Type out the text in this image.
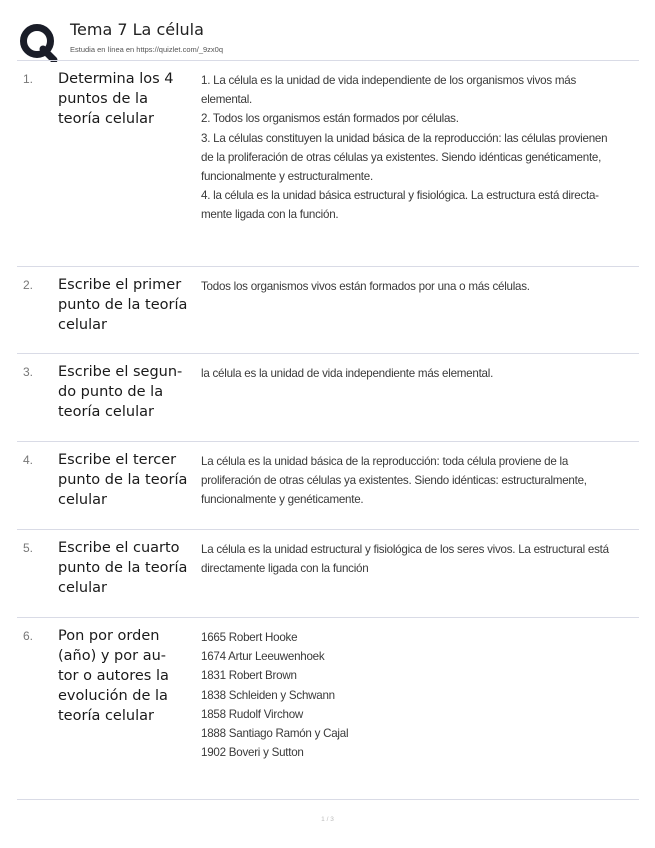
Tema 7 La célula
Estudia en línea en https://quizlet.com/_9zx0q
1. Determina los 4
puntos de la
teoría celular
1. La célula es la unidad de vida independiente de los organismos vivos más
elemental.
2. Todos los organismos están formados por células.
3. La células constituyen la unidad básica de la reproducción: las células provienen
de la proliferación de otras células ya existentes. Siendo idénticas genéticamente,
funcionalmente y estructuralmente.
4. la célula es la unidad básica estructural y fisiológica. La estructura está directa-
mente ligada con la función.
2. Escribe el primer
punto de la teoría
celular
Todos los organismos vivos están formados por una o más células.
3. Escribe el segun-
do punto de la
teoría celular
la célula es la unidad de vida independiente más elemental.
4. Escribe el tercer
punto de la teoría
celular
La célula es la unidad básica de la reproducción: toda célula proviene de la
proliferación de otras células ya existentes. Siendo idénticas: estructuralmente,
funcionalmente y genéticamente.
5. Escribe el cuarto
punto de la teoría
celular
La célula es la unidad estructural y fisiológica de los seres vivos. La estructural está
directamente ligada con la función
6. Pon por orden
(año) y por au-
tor o autores la
evolución de la
teoría celular
1665 Robert Hooke
1674 Artur Leeuwenhoek
1831 Robert Brown
1838 Schleiden y Schwann
1858 Rudolf Virchow
1888 Santiago Ramón y Cajal
1902 Boveri y Sutton
1 / 3
